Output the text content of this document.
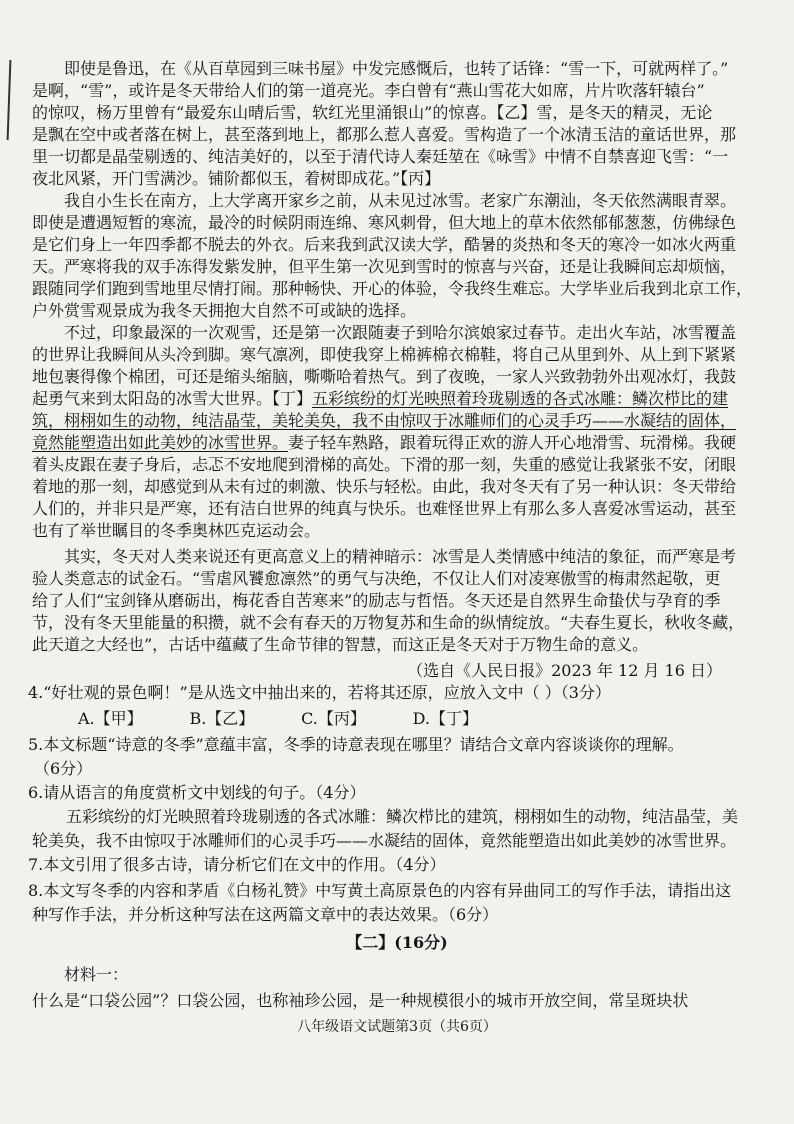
即使是鲁迅，在《从百草园到三味书屋》中发完感慨后，也转了话锋：“雪一下，可就两样了。”
是啊，“雪”，或许是冬天带给人们的第一道亮光。李白曾有“燕山雪花大如席，片片吹落轩辕台”
的惊叹，杨万里曾有“最爱东山晴后雪，软红光里涌银山”的惊喜。【乙】雪，是冬天的精灵，无论
是飘在空中或者落在树上，甚至落到地上，都那么惹人喜爱。雪构造了一个冰清玉洁的童话世界，那
里一切都是晶莹剔透的、纯洁美好的，以至于清代诗人秦廷堃在《咏雪》中情不自禁喜迎飞雪：“一
夜北风紧，开门雪满沙。铺阶都似玉，着树即成花。”【丙】
我自小生长在南方，上大学离开家乡之前，从未见过冰雪。老家广东潮汕，冬天依然满眼青翠。
即使是遭遇短暂的寒流，最冷的时候阴雨连绵、寒风刺骨，但大地上的草木依然郁郁葱葱，仿佛绿色
是它们身上一年四季都不脱去的外衣。后来我到武汉读大学，酷暑的炎热和冬天的寒冷一如冰火两重
天。严寒将我的双手冻得发紫发肿，但平生第一次见到雪时的惊喜与兴奋，还是让我瞬间忘却烦恼，
跟随同学们跑到雪地里尽情打闹。那种畅快、开心的体验，令我终生难忘。大学毕业后我到北京工作，
户外赏雪观景成为我冬天拥抱大自然不可或缺的选择。
不过，印象最深的一次观雪，还是第一次跟随妻子到哈尔滨娘家过春节。走出火车站，冰雪覆盖
的世界让我瞬间从头冷到脚。寒气凛冽，即使我穿上棉裤棉衣棉鞋，将自己从里到外、从上到下紧紧
地包裹得像个棉团，可还是缩头缩脑，嘶嘶哈着热气。到了夜晚，一家人兴致勃勃外出观冰灯，我鼓
起勇气来到太阳岛的冰雪大世界。【丁】五彩缤纷的灯光映照着玲珑剔透的各式冰雕：鳞次栉比的建
筑，栩栩如生的动物，纯洁晶莹，美轮美奂，我不由惊叹于冰雕师们的心灵手巧——水凝结的固体，
竟然能塑造出如此美妙的冰雪世界。妻子轻车熟路，跟着玩得正欢的游人开心地滑雪、玩滑梯。我硬
着头皮跟在妻子身后，忐忑不安地爬到滑梯的高处。下滑的那一刻，失重的感觉让我紧张不安，闭眼
着地的那一刻，却感觉到从未有过的刺激、快乐与轻松。由此，我对冬天有了另一种认识：冬天带给
人们的，并非只是严寒，还有洁白世界的纯真与快乐。也难怪世界上有那么多人喜爱冰雪运动，甚至
也有了举世瞩目的冬季奥林匹克运动会。
其实，冬天对人类来说还有更高意义上的精神暗示：冰雪是人类情感中纯洁的象征，而严寒是考
验人类意志的试金石。“雪虐风饕愈凛然”的勇气与决绝，不仅让人们对凌寒傲雪的梅肃然起敬，更
给了人们“宝剑锋从磨砺出，梅花香自苦寒来”的励志与哲悟。冬天还是自然界生命蛰伏与孕育的季
节，没有冬天里能量的积攒，就不会有春天的万物复苏和生命的纵情绽放。“夫春生夏长，秋收冬藏，
此天道之大经也”，古话中蕴藏了生命节律的智慧，而这正是冬天对于万物生命的意义。
（选自《人民日报》2023 年 12 月 16 日）
4.“好壮观的景色啊！”是从选文中抽出来的，若将其还原，应放入文中（ ）（3分）
A.【甲】	B.【乙】	C.【丙】	D.【丁】
5.本文标题“诗意的冬季”意蕴丰富，冬季的诗意表现在哪里？请结合文章内容谈谈你的理解。
（6分）
6.请从语言的角度赏析文中划线的句子。（4分）
五彩缤纷的灯光映照着玲珑剔透的各式冰雕：鳞次栉比的建筑，栩栩如生的动物，纯洁晶莹，美
轮美奂，我不由惊叹于冰雕师们的心灵手巧——水凝结的固体，竟然能塑造出如此美妙的冰雪世界。
7.本文引用了很多古诗，请分析它们在文中的作用。（4分）
8.本文写冬季的内容和茅盾《白杨礼赞》中写黄土高原景色的内容有异曲同工的写作手法，请指出这
种写作手法，并分析这种写法在这两篇文章中的表达效果。（6分）
【二】(16分)
材料一：
什么是“口袋公园”？口袋公园，也称袖珍公园，是一种规模很小的城市开放空间，常呈斑块状
八年级语文试题第3页（共6页）
